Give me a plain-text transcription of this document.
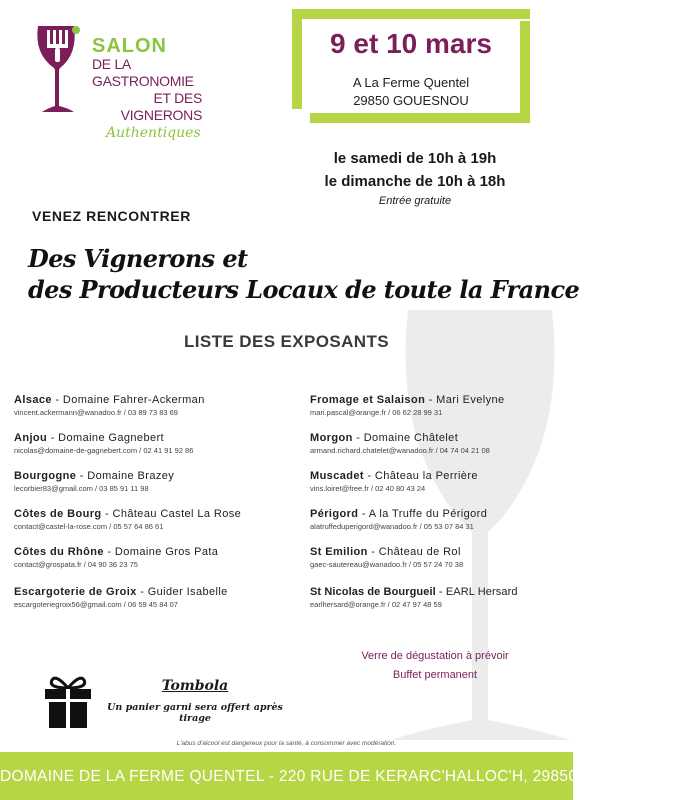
SALON
DE LA GASTRONOMIE
ET DES VIGNERONS
Authentiques
9 et 10 mars
A La Ferme Quentel
29850 GOUESNOU
le samedi de 10h à 19h
le dimanche de 10h à 18h
Entrée gratuite
VENEZ RENCONTRER
Des Vignerons et
des Producteurs Locaux de toute la France
LISTE DES EXPOSANTS
Alsace - Domaine Fahrer-Ackerman
vincent.ackermann@wanadoo.fr / 03 89 73 83 69
Anjou - Domaine Gagnebert
nicolas@domaine-de-gagnebert.com / 02 41 91 92 86
Bourgogne - Domaine Brazey
lecorbier83@gmail.com / 03 85 91 11 98
Côtes de Bourg - Château Castel La Rose
contact@castel-la-rose.com / 05 57 64 86 61
Côtes du Rhône - Domaine Gros Pata
contact@grospata.fr / 04 90 36 23 75
Escargoterie de Groix - Guider Isabelle
escargoteriegroix56@gmail.com / 06 59 45 84 07
Fromage et Salaison - Mari Evelyne
mari.pascal@orange.fr / 06 62 28 99 31
Morgon - Domaine Châtelet
armand.richard.chatelet@wanadoo.fr / 04 74 04 21 08
Muscadet - Château la Perrière
vins.loiret@free.fr / 02 40 80 43 24
Périgord - A la Truffe du Périgord
alatruffeduperigord@wanadoo.fr / 05 53 07 84 31
St Emilion - Château de Rol
gaec-sautereau@wanadoo.fr / 05 57 24 70 38
St Nicolas de Bourgueil - EARL Hersard
earlhersard@orange.fr / 02 47 97 48 59
Verre de dégustation à prévoir
Buffet permanent
Tombola
Un panier garni sera offert après tirage
L'abus d'alcool est dangereux pour la santé, à consommer avec modération.
DOMAINE DE LA FERME QUENTEL - 220 RUE DE KERARC'HALLOC'H, 29850 GOUESNOU
